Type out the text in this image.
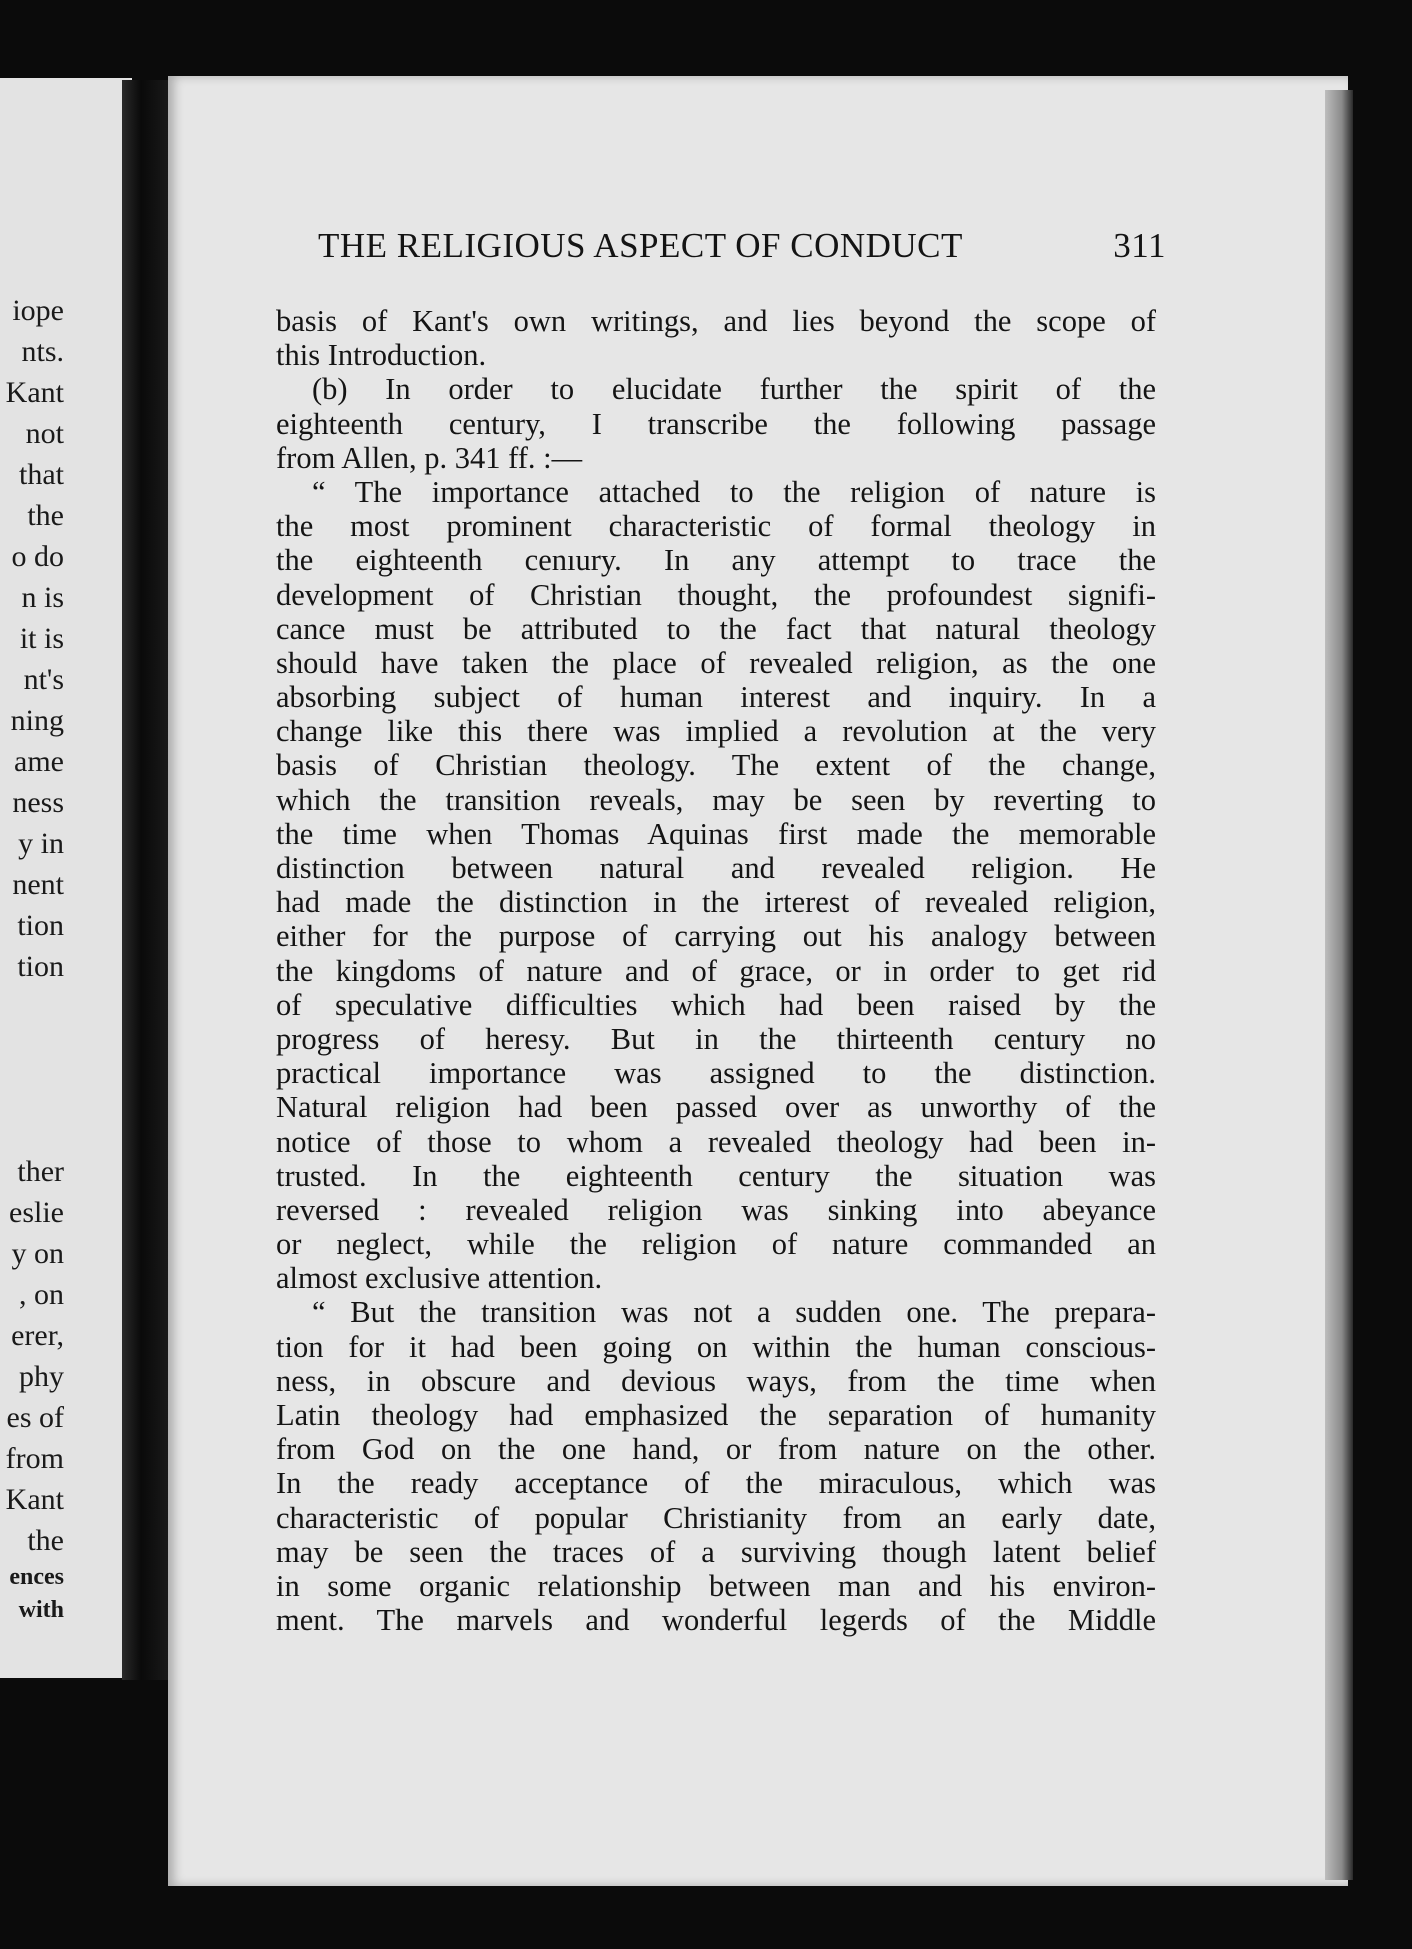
iope
nts.
Kant
not
that
the
o do
n is
it is
nt's
ning
ame
ness
y in
nent
tion
tion
ther
eslie
y on
, on
erer,
phy
es of
from
Kant
the
ences
with
THE RELIGIOUS ASPECT OF CONDUCT	311
basis of Kant's own writings, and lies beyond the scope of
this Introduction.
(b) In order to elucidate further the spirit of the
eighteenth century, I transcribe the following passage
from Allen, p. 341 ff. :—
“ The importance attached to the religion of nature is
the most prominent characteristic of formal theology in
the eighteenth cenıury. In any attempt to trace the
development of Christian thought, the profoundest signifi-
cance must be attributed to the fact that natural theology
should have taken the place of revealed religion, as the one
absorbing subject of human interest and inquiry. In a
change like this there was implied a revolution at the very
basis of Christian theology. The extent of the change,
which the transition reveals, may be seen by reverting to
the time when Thomas Aquinas first made the memorable
distinction between natural and revealed religion. He
had made the distinction in the irterest of revealed religion,
either for the purpose of carrying out his analogy between
the kingdoms of nature and of grace, or in order to get rid
of speculative difficulties which had been raised by the
progress of heresy. But in the thirteenth century no
practical importance was assigned to the distinction.
Natural religion had been passed over as unworthy of the
notice of those to whom a revealed theology had been in-
trusted. In the eighteenth century the situation was
reversed : revealed religion was sinking into abeyance
or neglect, while the religion of nature commanded an
almost exclusive attention.
“ But the transition was not a sudden one. The prepara-
tion for it had been going on within the human conscious-
ness, in obscure and devious ways, from the time when
Latin theology had emphasized the separation of humanity
from God on the one hand, or from nature on the other.
In the ready acceptance of the miraculous, which was
characteristic of popular Christianity from an early date,
may be seen the traces of a surviving though latent belief
in some organic relationship between man and his environ-
ment. The marvels and wonderful legerds of the Middle
